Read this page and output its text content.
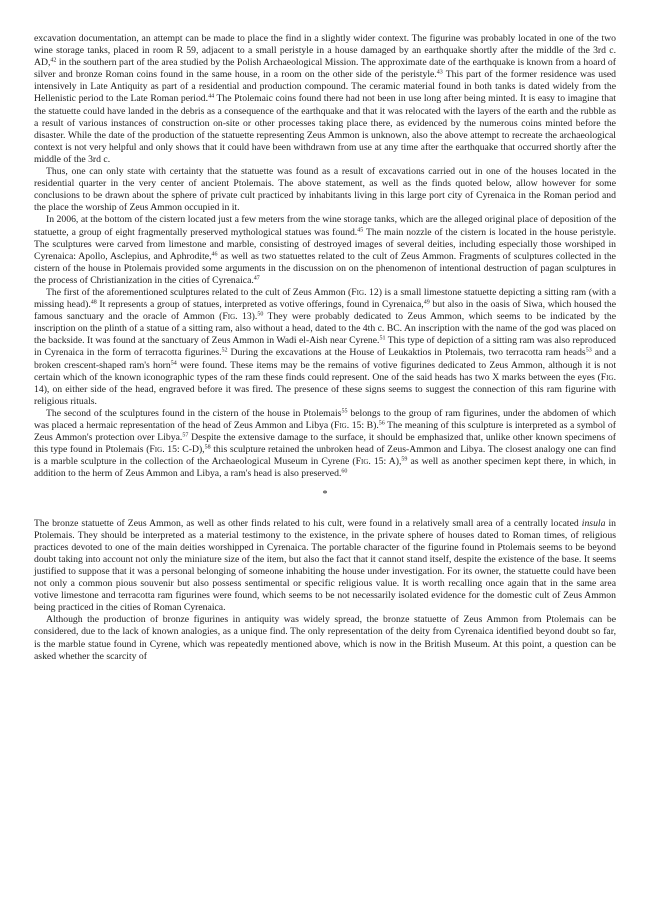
excavation documentation, an attempt can be made to place the find in a slightly wider context. The figurine was probably located in one of the two wine storage tanks, placed in room R 59, adjacent to a small peristyle in a house damaged by an earthquake shortly after the middle of the 3rd c. AD,$^{42}$ in the southern part of the area studied by the Polish Archaeological Mission. The approximate date of the earthquake is known from a hoard of silver and bronze Roman coins found in the same house, in a room on the other side of the peristyle.$^{43}$ This part of the former residence was used intensively in Late Antiquity as part of a residential and production compound. The ceramic material found in both tanks is dated widely from the Hellenistic period to the Late Roman period.$^{44}$ The Ptolemaic coins found there had not been in use long after being minted. It is easy to imagine that the statuette could have landed in the debris as a consequence of the earthquake and that it was relocated with the layers of the earth and the rubble as a result of various instances of construction on-site or other processes taking place there, as evidenced by the numerous coins minted before the disaster. While the date of the production of the statuette representing Zeus Ammon is unknown, also the above attempt to recreate the archaeological context is not very helpful and only shows that it could have been withdrawn from use at any time after the earthquake that occurred shortly after the middle of the 3rd c.

Thus, one can only state with certainty that the statuette was found as a result of excavations carried out in one of the houses located in the residential quarter in the very center of ancient Ptolemais. The above statement, as well as the finds quoted below, allow however for some conclusions to be drawn about the sphere of private cult practiced by inhabitants living in this large port city of Cyrenaica in the Roman period and the place the worship of Zeus Ammon occupied in it.

In 2006, at the bottom of the cistern located just a few meters from the wine storage tanks, which are the alleged original place of deposition of the statuette, a group of eight fragmentally preserved mythological statues was found.$^{45}$ The main nozzle of the cistern is located in the house peristyle. The sculptures were carved from limestone and marble, consisting of destroyed images of several deities, including especially those worshiped in Cyrenaica: Apollo, Asclepius, and Aphrodite,$^{46}$ as well as two statuettes related to the cult of Zeus Ammon. Fragments of sculptures collected in the cistern of the house in Ptolemais provided some arguments in the discussion on on the phenomenon of intentional destruction of pagan sculptures in the process of Christianization in the cities of Cyrenaica.$^{47}$

The first of the aforementioned sculptures related to the cult of Zeus Ammon (Fig. 12) is a small limestone statuette depicting a sitting ram (with a missing head).$^{48}$ It represents a group of statues, interpreted as votive offerings, found in Cyrenaica,$^{49}$ but also in the oasis of Siwa, which housed the famous sanctuary and the oracle of Ammon (Fig. 13).$^{50}$ They were probably dedicated to Zeus Ammon, which seems to be indicated by the inscription on the plinth of a statue of a sitting ram, also without a head, dated to the 4th c. BC. An inscription with the name of the god was placed on the backside. It was found at the sanctuary of Zeus Ammon in Wadi el-Aish near Cyrene.$^{51}$ This type of depiction of a sitting ram was also reproduced in Cyrenaica in the form of terracotta figurines.$^{52}$ During the excavations at the House of Leukaktios in Ptolemais, two terracotta ram heads$^{53}$ and a broken crescent-shaped ram's horn$^{54}$ were found. These items may be the remains of votive figurines dedicated to Zeus Ammon, although it is not certain which of the known iconographic types of the ram these finds could represent. One of the said heads has two X marks between the eyes (Fig. 14), on either side of the head, engraved before it was fired. The presence of these signs seems to suggest the connection of this ram figurine with religious rituals.

The second of the sculptures found in the cistern of the house in Ptolemais$^{55}$ belongs to the group of ram figurines, under the abdomen of which was placed a hermaic representation of the head of Zeus Ammon and Libya (Fig. 15: B).$^{56}$ The meaning of this sculpture is interpreted as a symbol of Zeus Ammon's protection over Libya.$^{57}$ Despite the extensive damage to the surface, it should be emphasized that, unlike other known specimens of this type found in Ptolemais (Fig. 15: C-D),$^{58}$ this sculpture retained the unbroken head of Zeus-Ammon and Libya. The closest analogy one can find is a marble sculpture in the collection of the Archaeological Museum in Cyrene (Fig. 15: A),$^{59}$ as well as another specimen kept there, in which, in addition to the herm of Zeus Ammon and Libya, a ram's head is also preserved.$^{60}$

*

The bronze statuette of Zeus Ammon, as well as other finds related to his cult, were found in a relatively small area of a centrally located insula in Ptolemais. They should be interpreted as a material testimony to the existence, in the private sphere of houses dated to Roman times, of religious practices devoted to one of the main deities worshipped in Cyrenaica. The portable character of the figurine found in Ptolemais seems to be beyond doubt taking into account not only the miniature size of the item, but also the fact that it cannot stand itself, despite the existence of the base. It seems justified to suppose that it was a personal belonging of someone inhabiting the house under investigation. For its owner, the statuette could have been not only a common pious souvenir but also possess sentimental or specific religious value. It is worth recalling once again that in the same area votive limestone and terracotta ram figurines were found, which seems to be not necessarily isolated evidence for the domestic cult of Zeus Ammon being practiced in the cities of Roman Cyrenaica.

Although the production of bronze figurines in antiquity was widely spread, the bronze statuette of Zeus Ammon from Ptolemais can be considered, due to the lack of known analogies, as a unique find. The only representation of the deity from Cyrenaica identified beyond doubt so far, is the marble statue found in Cyrene, which was repeatedly mentioned above, which is now in the British Museum. At this point, a question can be asked whether the scarcity of
